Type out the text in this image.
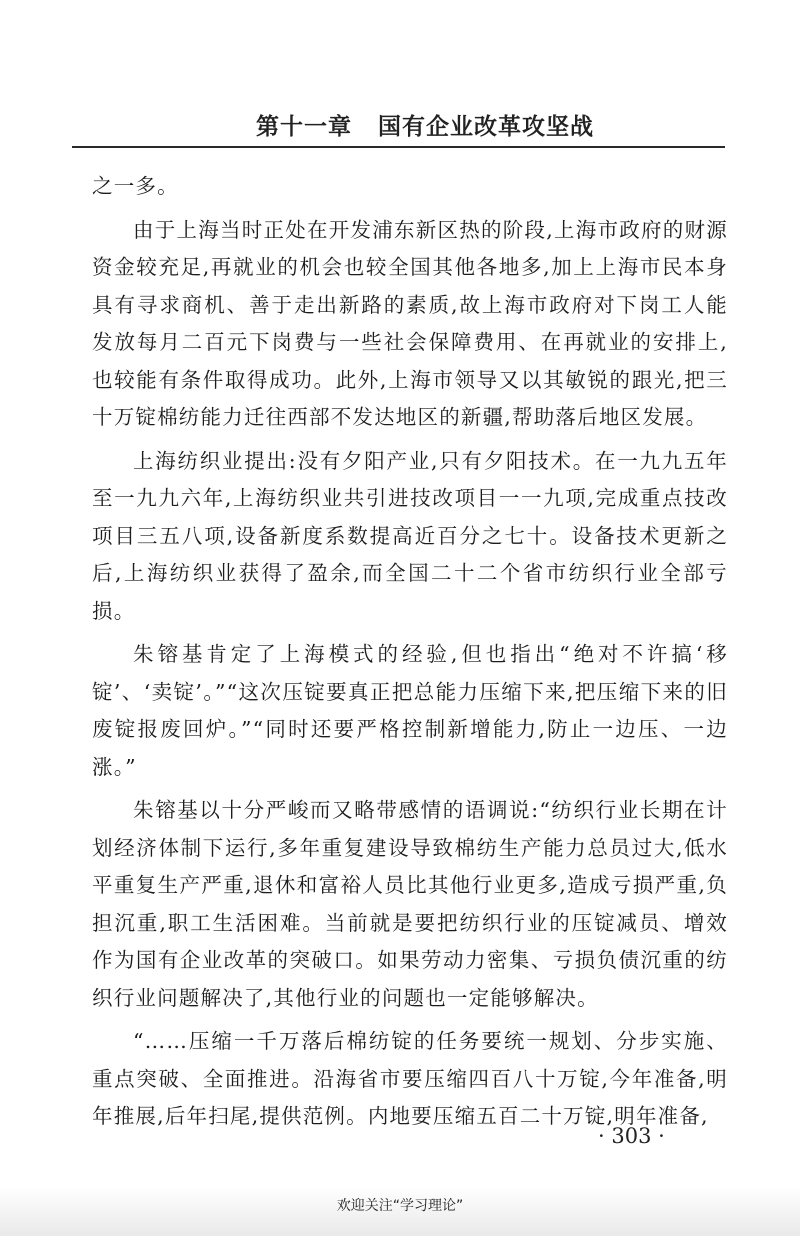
第十一章 国有企业改革攻坚战

之一多。

由于上海当时正处在开发浦东新区热的阶段,上海市政府的财源资金较充足,再就业的机会也较全国其他各地多,加上上海市民本身具有寻求商机、善于走出新路的素质,故上海市政府对下岗工人能发放每月二百元下岗费与一些社会保障费用、在再就业的安排上,也较能有条件取得成功。此外,上海市领导又以其敏锐的跟光,把三十万锭棉纺能力迁往西部不发达地区的新疆,帮助落后地区发展。

上海纺织业提出:没有夕阳产业,只有夕阳技术。在一九九五年至一九九六年,上海纺织业共引进技改项目一一九项,完成重点技改项目三五八项,设备新度系数提高近百分之七十。设备技术更新之后,上海纺织业获得了盈余,而全国二十二个省市纺织行业全部亏损。

朱镕基肯定了上海模式的经验,但也指出“绝对不许搞‘移锭’、‘卖锭’。”“这次压锭要真正把总能力压缩下来,把压缩下来的旧废锭报废回炉。”“同时还要严格控制新增能力,防止一边压、一边涨。”

朱镕基以十分严峻而又略带感情的语调说:“纺织行业长期在计划经济体制下运行,多年重复建设导致棉纺生产能力总员过大,低水平重复生产严重,退休和富裕人员比其他行业更多,造成亏损严重,负担沉重,职工生活困难。当前就是要把纺织行业的压锭减员、增效作为国有企业改革的突破口。如果劳动力密集、亏损负债沉重的纺织行业问题解决了,其他行业的问题也一定能够解决。

“……压缩一千万落后棉纺锭的任务要统一规划、分步实施、重点突破、全面推进。沿海省市要压缩四百八十万锭,今年准备,明年推展,后年扫尾,提供范例。内地要压缩五百二十万锭,明年准备,

· 303 ·
欢迎关注“学习理论”
